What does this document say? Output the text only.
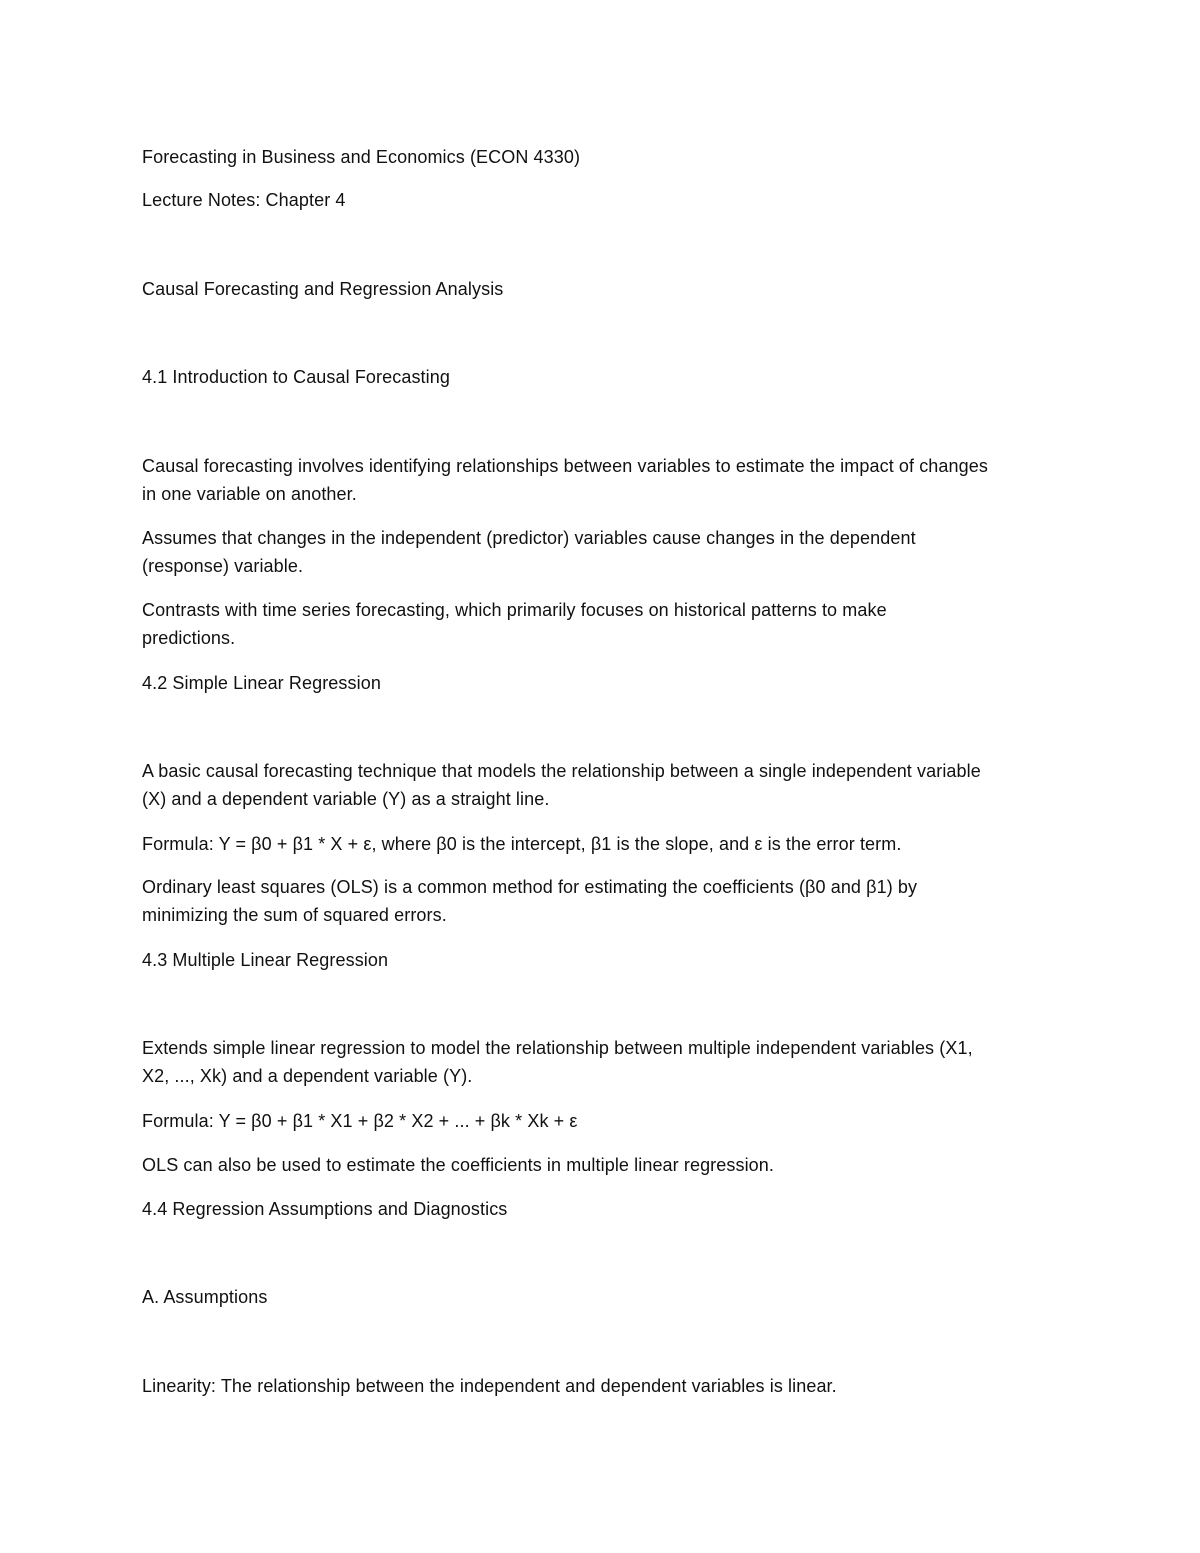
Forecasting in Business and Economics (ECON 4330)
Lecture Notes: Chapter 4
Causal Forecasting and Regression Analysis
4.1 Introduction to Causal Forecasting
Causal forecasting involves identifying relationships between variables to estimate the impact of changes
in one variable on another.
Assumes that changes in the independent (predictor) variables cause changes in the dependent
(response) variable.
Contrasts with time series forecasting, which primarily focuses on historical patterns to make
predictions.
4.2 Simple Linear Regression
A basic causal forecasting technique that models the relationship between a single independent variable
(X) and a dependent variable (Y) as a straight line.
Formula: Y = β0 + β1 * X + ε, where β0 is the intercept, β1 is the slope, and ε is the error term.
Ordinary least squares (OLS) is a common method for estimating the coefficients (β0 and β1) by
minimizing the sum of squared errors.
4.3 Multiple Linear Regression
Extends simple linear regression to model the relationship between multiple independent variables (X1,
X2, ..., Xk) and a dependent variable (Y).
Formula: Y = β0 + β1 * X1 + β2 * X2 + ... + βk * Xk + ε
OLS can also be used to estimate the coefficients in multiple linear regression.
4.4 Regression Assumptions and Diagnostics
A. Assumptions
Linearity: The relationship between the independent and dependent variables is linear.
